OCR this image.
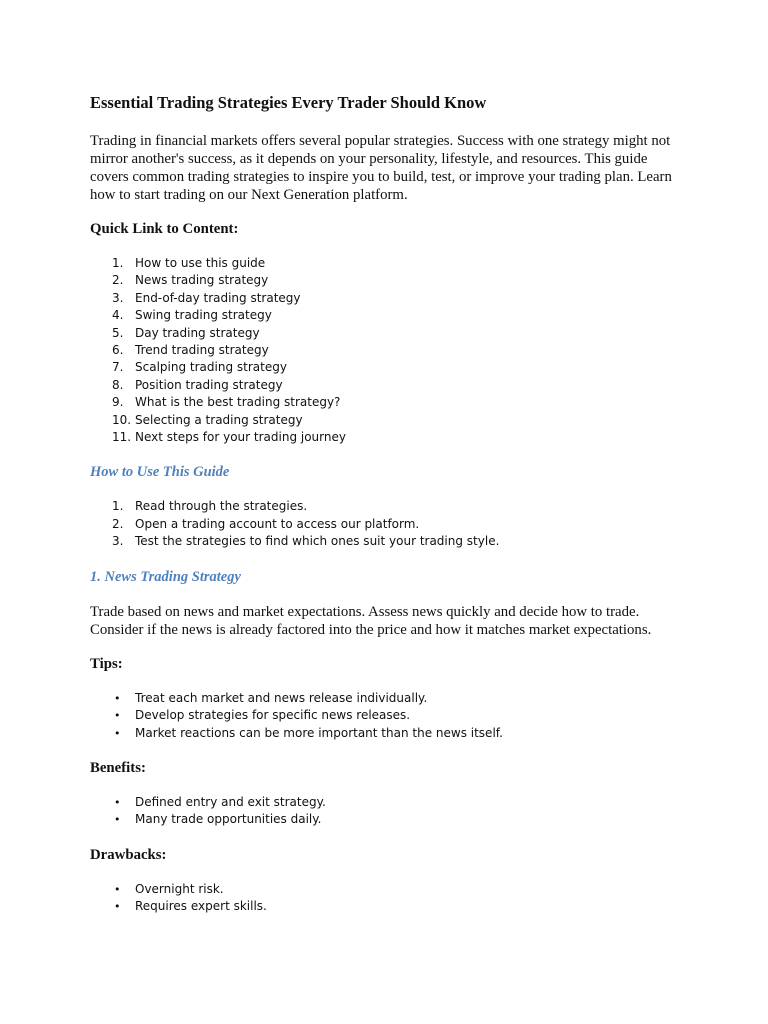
Essential Trading Strategies Every Trader Should Know

Trading in financial markets offers several popular strategies. Success with one strategy might not mirror another's success, as it depends on your personality, lifestyle, and resources. This guide covers common trading strategies to inspire you to build, test, or improve your trading plan. Learn how to start trading on our Next Generation platform.

Quick Link to Content:
1. How to use this guide
2. News trading strategy
3. End-of-day trading strategy
4. Swing trading strategy
5. Day trading strategy
6. Trend trading strategy
7. Scalping trading strategy
8. Position trading strategy
9. What is the best trading strategy?
10. Selecting a trading strategy
11. Next steps for your trading journey
How to Use This Guide
1. Read through the strategies.
2. Open a trading account to access our platform.
3. Test the strategies to find which ones suit your trading style.
1. News Trading Strategy

Trade based on news and market expectations. Assess news quickly and decide how to trade. Consider if the news is already factored into the price and how it matches market expectations.

Tips:
• Treat each market and news release individually.
• Develop strategies for specific news releases.
• Market reactions can be more important than the news itself.
Benefits:
• Defined entry and exit strategy.
• Many trade opportunities daily.
Drawbacks:
• Overnight risk.
• Requires expert skills.
